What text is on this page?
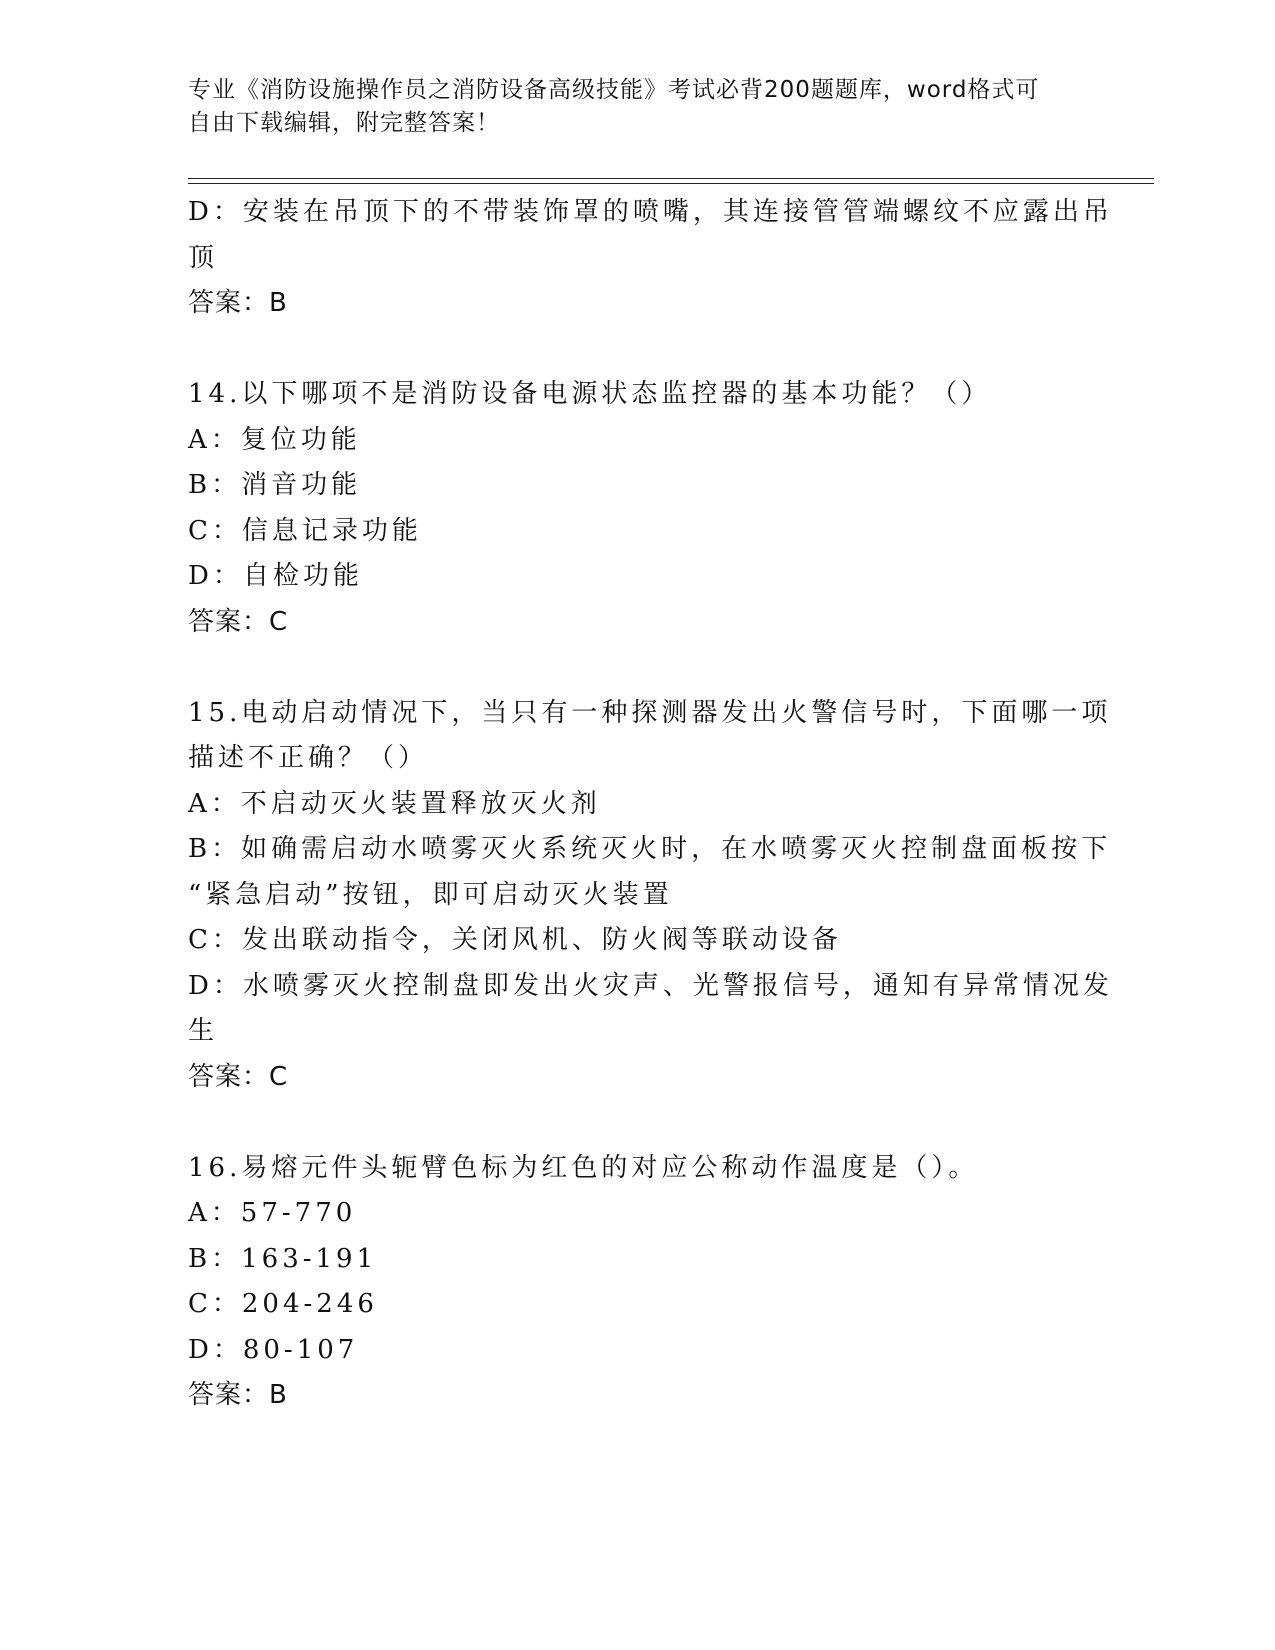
专业《消防设施操作员之消防设备高级技能》考试必背200题题库，word格式可
自由下载编辑，附完整答案！
D：安装在吊顶下的不带装饰罩的喷嘴，其连接管管端螺纹不应露出吊
顶
答案：B
14.以下哪项不是消防设备电源状态监控器的基本功能？（）
A：复位功能
B：消音功能
C：信息记录功能
D：自检功能
答案：C
15.电动启动情况下，当只有一种探测器发出火警信号时，下面哪一项
描述不正确？（）
A：不启动灭火装置释放灭火剂
B：如确需启动水喷雾灭火系统灭火时，在水喷雾灭火控制盘面板按下
“紧急启动”按钮，即可启动灭火装置
C：发出联动指令，关闭风机、防火阀等联动设备
D：水喷雾灭火控制盘即发出火灾声、光警报信号，通知有异常情况发
生
答案：C
16.易熔元件头轭臂色标为红色的对应公称动作温度是（）。
A：57-770
B：163-191
C：204-246
D：80-107
答案：B
